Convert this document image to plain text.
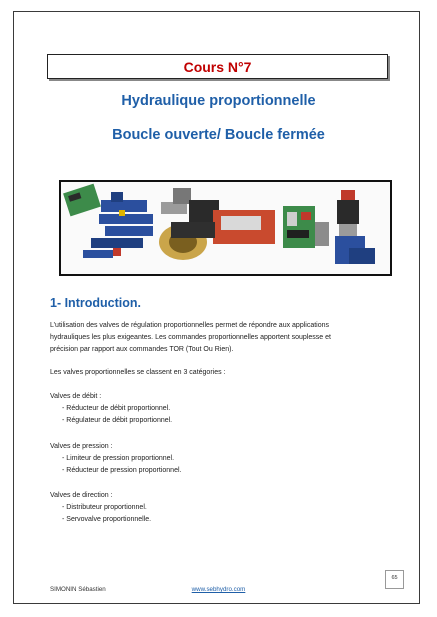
Cours N°7
Hydraulique proportionnelle
Boucle ouverte/ Boucle fermée
1- Introduction.
L’utilisation des valves de régulation proportionnelles permet de répondre aux applications
hydrauliques les plus exigeantes. Les commandes proportionnelles apportent souplesse et
précision par rapport aux commandes TOR (Tout Ou Rien).
Les valves proportionnelles se classent en 3 catégories :
Valves de débit :
- Réducteur de débit proportionnel.
- Régulateur de débit proportionnel.
Valves de pression :
- Limiteur de pression proportionnel.
- Réducteur de pression proportionnel.
Valves de direction :
- Distributeur proportionnel.
- Servovalve proportionnelle.
65
SIMONIN Sébastien	www.sebhydro.com
